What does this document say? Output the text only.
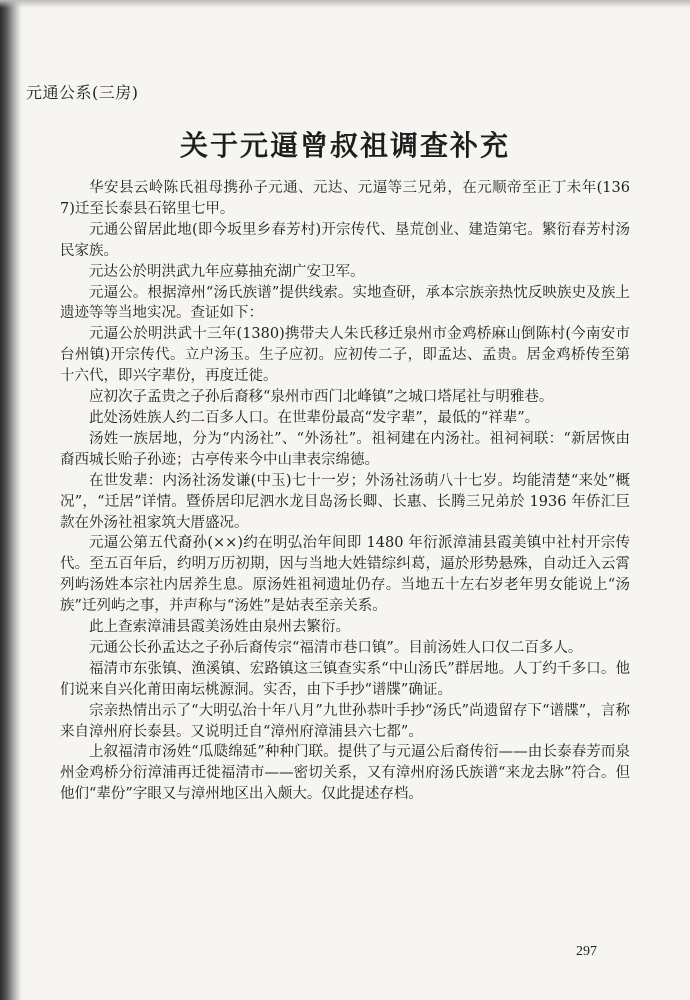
元通公系(三房)
关于元逼曾叔祖调查补充

华安县云岭陈氏祖母携孙子元通、元达、元逼等三兄弟，在元顺帝至正丁未年(1367)迁至长泰县石铭里七甲。

元通公留居此地(即今坂里乡春芳村)开宗传代、垦荒创业、建造第宅。繁衍春芳村汤民家族。

元达公於明洪武九年应募抽充湖广安卫军。

元逼公。根据漳州“汤氏族谱”提供线索。实地查研，承本宗族亲热忱反映族史及族上遗迹等等当地实况。查证如下：

元逼公於明洪武十三年(1380)携带夫人朱氏移迁泉州市金鸡桥麻山倒陈村(今南安市台州镇)开宗传代。立户汤玉。生子应初。应初传二子，即孟达、孟贵。居金鸡桥传至第十六代，即兴字辈份，再度迁徙。

应初次子孟贵之子孙后裔移“泉州市西门北峰镇”之城口塔尾社与明雅巷。

此处汤姓族人约二百多人口。在世辈份最高“发字辈”，最低的“祥辈”。

汤姓一族居地，分为“内汤社”、“外汤社”。祖祠建在内汤社。祖祠祠联：“新居恢由裔西城长贻子孙迹；古亭传来今中山聿表宗绵德。

在世发辈：内汤社汤发谦(中玉)七十一岁；外汤社汤萌八十七岁。均能清楚“来处”概况”，“迁居”详情。暨侨居印尼泗水龙目岛汤长卿、长惠、长腾三兄弟於 1936 年侨汇巨款在外汤社祖家筑大厝盛况。

元逼公第五代裔孙(××)约在明弘治年间即 1480 年衍派漳浦县霞美镇中社村开宗传代。至五百年后，约明万历初期，因与当地大姓错综纠葛，逼於形势悬殊，自动迁入云霄列屿汤姓本宗社内居养生息。原汤姓祖祠遗址仍存。当地五十左右岁老年男女能说上“汤族”迁列屿之事，并声称与“汤姓”是姑表至亲关系。

此上查索漳浦县霞美汤姓由泉州去繁衍。

元通公长孙孟达之子孙后裔传宗“福清市巷口镇”。目前汤姓人口仅二百多人。

福清市东张镇、渔溪镇、宏路镇这三镇查实系“中山汤氏”群居地。人丁约千多口。他们说来自兴化莆田南坛桃源洞。实否，由下手抄“谱牒”确证。

宗亲热情出示了“大明弘治十年八月”九世孙恭叶手抄“汤氏”尚遗留存下“谱牒”，言称来自漳州府长泰县。又说明迁自“漳州府漳浦县六七都”。

上叙福清市汤姓“瓜瓞绵延”种种门联。提供了与元逼公后裔传衍——由长泰春芳而泉州金鸡桥分衍漳浦再迁徙福清市——密切关系，又有漳州府汤氏族谱“来龙去脉”符合。但他们“辈份”字眼又与漳州地区出入颇大。仅此提述存档。

297
